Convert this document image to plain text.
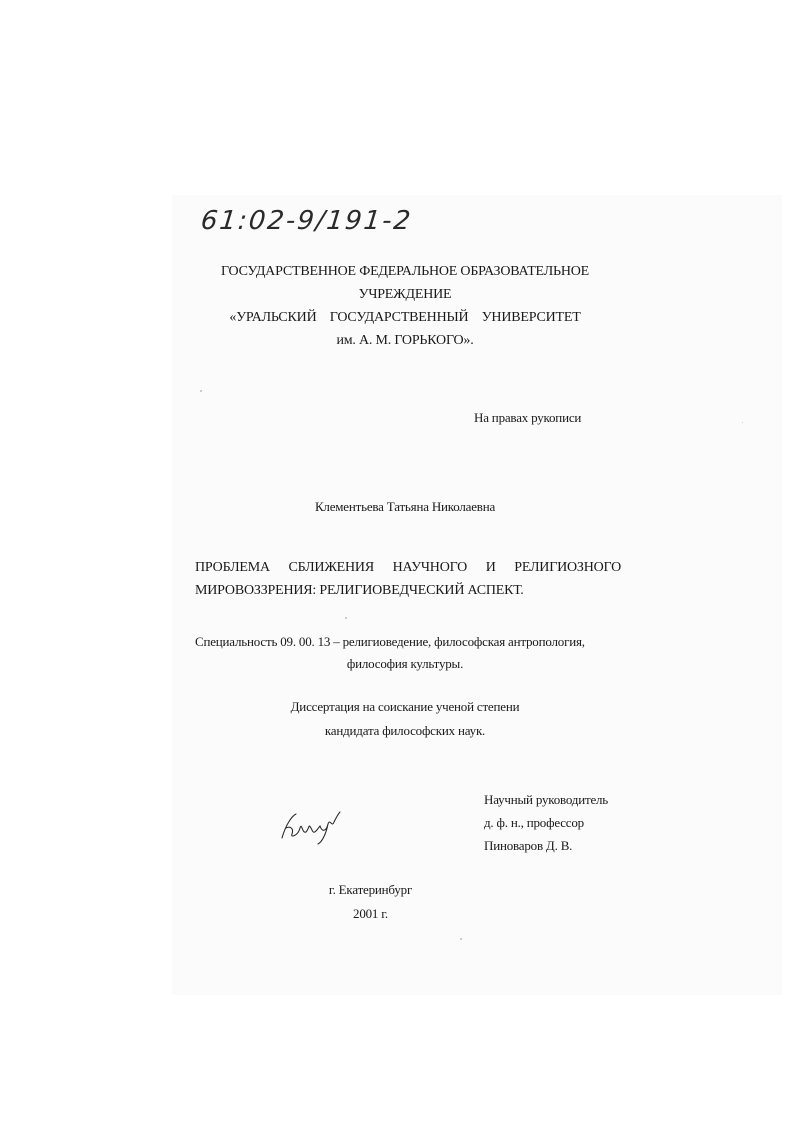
61:02-9/191-2
ГОСУДАРСТВЕННОЕ ФЕДЕРАЛЬНОЕ ОБРАЗОВАТЕЛЬНОЕ
УЧРЕЖДЕНИЕ
«УРАЛЬСКИЙ ГОСУДАРСТВЕННЫЙ УНИВЕРСИТЕТ
им. А. М. ГОРЬКОГО».
На правах рукописи
Клементьева Татьяна Николаевна
ПРОБЛЕМА СБЛИЖЕНИЯ НАУЧНОГО И РЕЛИГИОЗНОГО
МИРОВОЗЗРЕНИЯ: РЕЛИГИОВЕДЧЕСКИЙ АСПЕКТ.
Специальность 09. 00. 13 – религиоведение, философская антропология,
философия культуры.
Диссертация на соискание ученой степени
кандидата философских наук.
Научный руководитель
д. ф. н., профессор
Пиноваров Д. В.
г. Екатеринбург
2001 г.
